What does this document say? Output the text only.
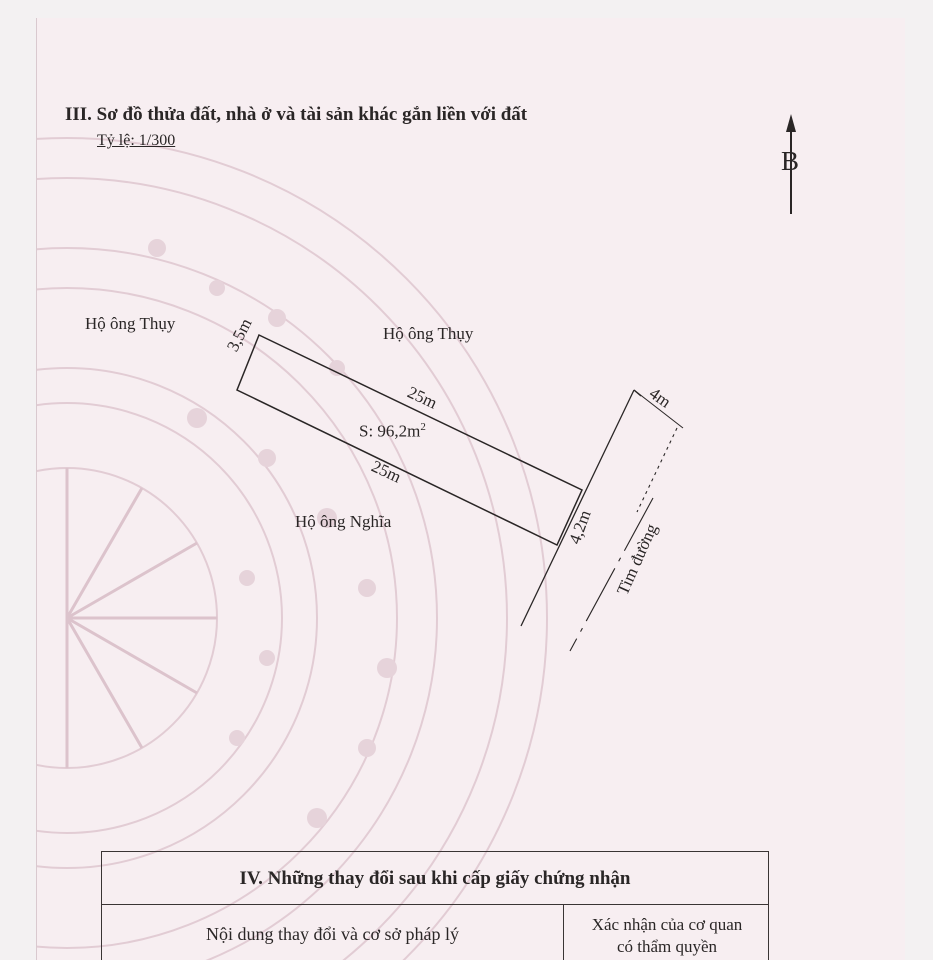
III. Sơ đồ thửa đất, nhà ở và tài sản khác gắn liền với đất
Tỷ lệ: 1/300
B
Hộ ông Thụy
Hộ ông Thụy
Hộ ông Nghĩa
3,5m
25m
25m
4,2m
S: $96,2m^2$
4m
Tim đường
IV. Những thay đổi sau khi cấp giấy chứng nhận
Nội dung thay đổi và cơ sở pháp lý	Xác nhận của cơ quan
có thẩm quyền
